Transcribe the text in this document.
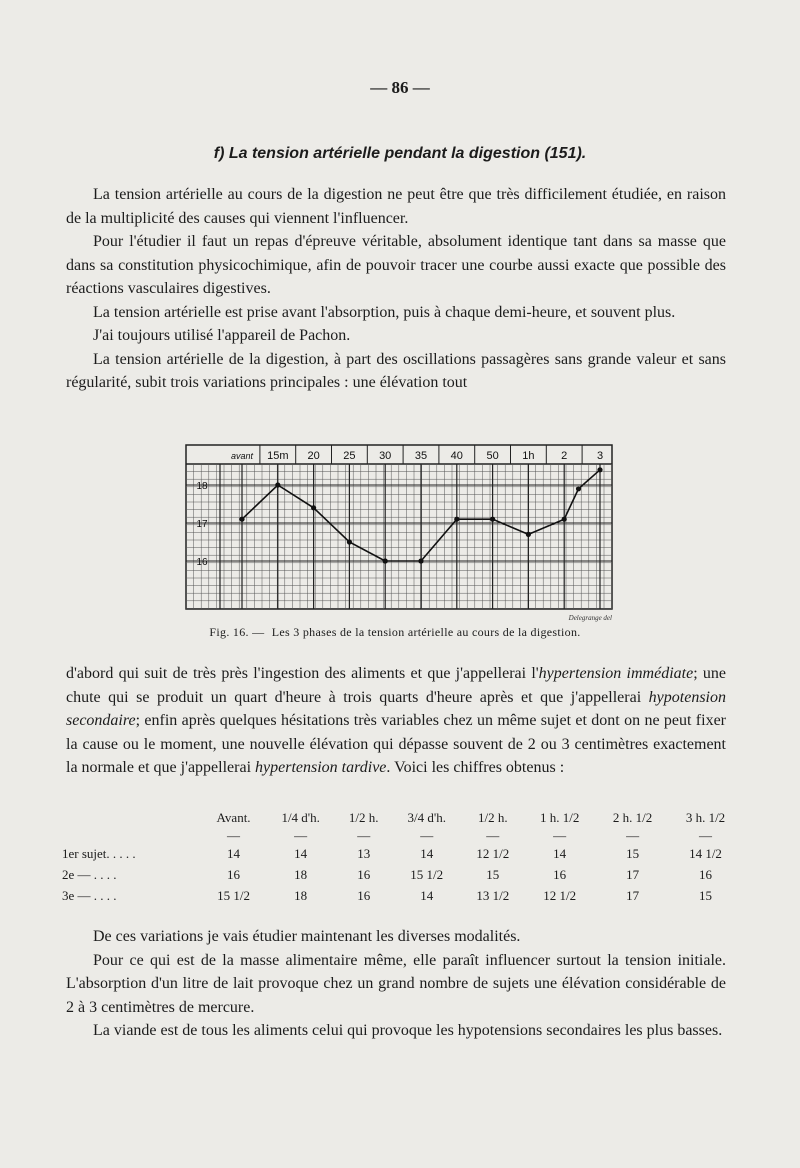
— 86 —
f) La tension artérielle pendant la digestion (151).

La tension artérielle au cours de la digestion ne peut être que très difficilement étudiée, en raison de la multiplicité des causes qui viennent l'influencer.

Pour l'étudier il faut un repas d'épreuve véritable, absolument identique tant dans sa masse que dans sa constitution physicochimique, afin de pouvoir tracer une courbe aussi exacte que possible des réactions vasculaires digestives.

La tension artérielle est prise avant l'absorption, puis à chaque demi-heure, et souvent plus.

J'ai toujours utilisé l'appareil de Pachon.

La tension artérielle de la digestion, à part des oscillations passagères sans grande valeur et sans régularité, subit trois variations principales : une élévation tout

avant 15m 20 25 30 35 40 50 1h 2	3
18
17
16
Delegrange del
Fig. 16. — Les 3 phases de la tension artérielle au cours de la digestion.

d'abord qui suit de très près l'ingestion des aliments et que j'appellerai l'hypertension immédiate; une chute qui se produit un quart d'heure à trois quarts d'heure après et que j'appellerai hypotension secondaire; enfin après quelques hésitations très variables chez un même sujet et dont on ne peut fixer la cause ou le moment, une nouvelle élévation qui dépasse souvent de 2 ou 3 centimètres exactement la normale et que j'appellerai hypertension tardive. Voici les chiffres obtenus :

	Avant.	1/4 d'h.	1/2 h.	3/4 d'h.	1/2 h.	1 h. 1/2	2 h. 1/2	3 h. 1/2
	—	—	—	—	—	—	—	—
1er sujet. . . . .	14	14	13	14	12 1/2	14	15	14 1/2
2e — . . . .	16	18	16	15 1/2	15	16	17	16
3e — . . . .	15 1/2	18	16	14	13 1/2	12 1/2	17	15

De ces variations je vais étudier maintenant les diverses modalités.

Pour ce qui est de la masse alimentaire même, elle paraît influencer surtout la tension initiale. L'absorption d'un litre de lait provoque chez un grand nombre de sujets une élévation considérable de 2 à 3 centimètres de mercure.

La viande est de tous les aliments celui qui provoque les hypotensions secondaires les plus basses.
